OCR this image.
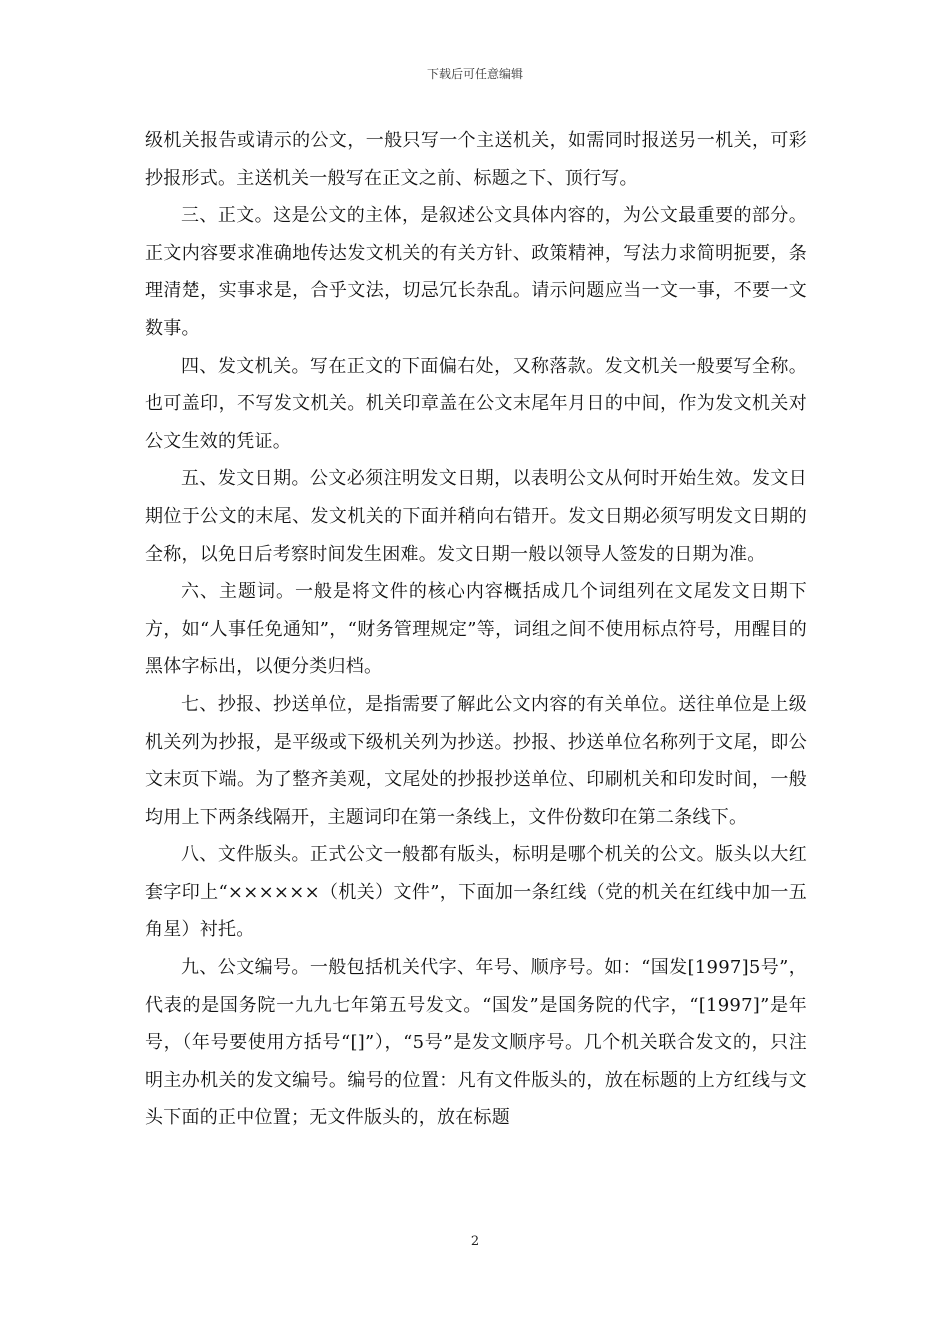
下载后可任意编辑

级机关报告或请示的公文，一般只写一个主送机关，如需同时报送另一机关，可彩抄报形式。主送机关一般写在正文之前、标题之下、顶行写。

三、正文。这是公文的主体，是叙述公文具体内容的，为公文最重要的部分。正文内容要求准确地传达发文机关的有关方针、政策精神，写法力求简明扼要，条理清楚，实事求是，合乎文法，切忌冗长杂乱。请示问题应当一文一事，不要一文数事。

四、发文机关。写在正文的下面偏右处，又称落款。发文机关一般要写全称。也可盖印，不写发文机关。机关印章盖在公文末尾年月日的中间，作为发文机关对公文生效的凭证。

五、发文日期。公文必须注明发文日期，以表明公文从何时开始生效。发文日期位于公文的末尾、发文机关的下面并稍向右错开。发文日期必须写明发文日期的全称，以免日后考察时间发生困难。发文日期一般以领导人签发的日期为准。

六、主题词。一般是将文件的核心内容概括成几个词组列在文尾发文日期下方，如“人事任免通知”，“财务管理规定”等，词组之间不使用标点符号，用醒目的黑体字标出，以便分类归档。

七、抄报、抄送单位，是指需要了解此公文内容的有关单位。送往单位是上级机关列为抄报，是平级或下级机关列为抄送。抄报、抄送单位名称列于文尾，即公文末页下端。为了整齐美观，文尾处的抄报抄送单位、印刷机关和印发时间，一般均用上下两条线隔开，主题词印在第一条线上，文件份数印在第二条线下。

八、文件版头。正式公文一般都有版头，标明是哪个机关的公文。版头以大红套字印上“××××××（机关）文件”，下面加一条红线（党的机关在红线中加一五角星）衬托。

九、公文编号。一般包括机关代字、年号、顺序号。如：“国发[1997]5号”，代表的是国务院一九九七年第五号发文。“国发”是国务院的代字，“[1997]”是年号，（年号要使用方括号“[]”），“5号”是发文顺序号。几个机关联合发文的，只注明主办机关的发文编号。编号的位置：凡有文件版头的，放在标题的上方红线与文头下面的正中位置；无文件版头的，放在标题

2
